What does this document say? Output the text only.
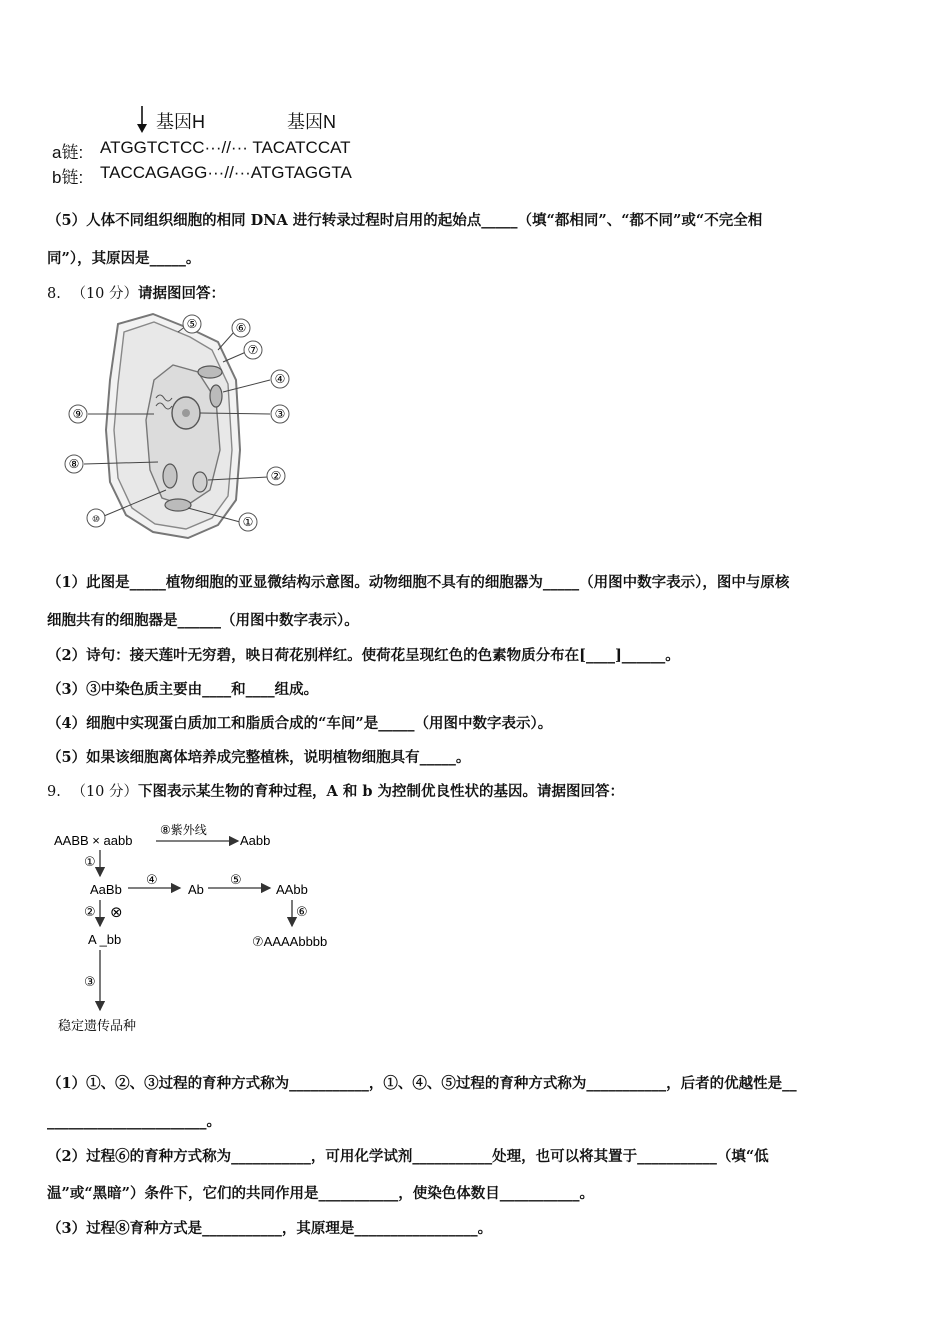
基因H	基因N
a链: ATGGTCTCC···//··· TACATCCAT
b链: TACCAGAGG···//···ATGTAGGTA
（5）人体不同组织细胞的相同 DNA 进行转录过程时启用的起始点_____（填“都相同”、“都不同”或“不完全相
同”），其原因是_____。
8. （10 分）请据图回答：
⑤	⑥
⑦
④
③
②
①
⑨
⑧
⑩
（1）此图是_____植物细胞的亚显微结构示意图。动物细胞不具有的细胞器为_____（用图中数字表示），图中与原核
细胞共有的细胞器是______（用图中数字表示）。
（2）诗句：接天莲叶无穷碧，映日荷花别样红。使荷花呈现红色的色素物质分布在[____]______。
（3）③中染色质主要由____和____组成。
（4）细胞中实现蛋白质加工和脂质合成的“车间”是_____（用图中数字表示）。
（5）如果该细胞离体培养成完整植株，说明植物细胞具有_____。
9. （10 分）下图表示某生物的育种过程，A 和 b 为控制优良性状的基因。请据图回答：
AABB × aabb
⑧紫外线
Aabb
①
AaBb
④
Ab
⑤
AAbb
② ⊗	⑥
A _bb	⑦AAAAbbbb
③
稳定遗传品种
（1）①、②、③过程的育种方式称为___________，①、④、⑤过程的育种方式称为___________，后者的优越性是__
______________________。
（2）过程⑥的育种方式称为___________，可用化学试剂___________处理，也可以将其置于___________（填“低
温”或“黑暗”）条件下，它们的共同作用是___________，使染色体数目___________。
（3）过程⑧育种方式是___________，其原理是_________________。
